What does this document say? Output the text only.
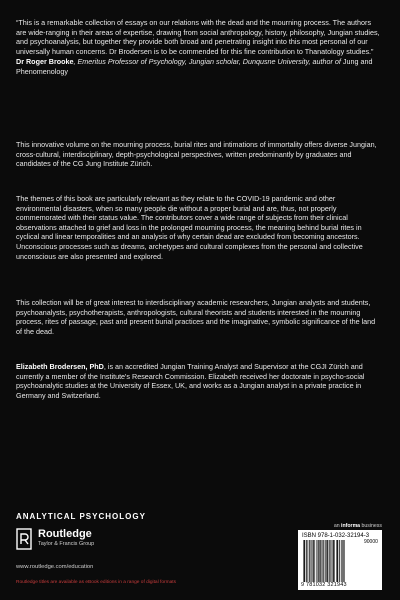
“This is a remarkable collection of essays on our relations with the dead and the mourning process. The authors are wide-ranging in their areas of expertise, drawing from social anthropology, history, philosophy, Jungian studies, and psychoanalysis, but together they provide both broad and penetrating insight into this most personal of our universally human concerns. Dr Brodersen is to be commended for this fine contribution to Thanatology studies.”
Dr Roger Brooke, Emeritus Professor of Psychology, Jungian scholar, Dunqusne University, author of Jung and Phenomenology
This innovative volume on the mourning process, burial rites and intimations of immortality offers diverse Jungian, cross-cultural, interdisciplinary, depth-psychological perspectives, written predominantly by graduates and candidates of the CG Jung Institute Zürich.
The themes of this book are particularly relevant as they relate to the COVID-19 pandemic and other environmental disasters, when so many people die without a proper burial and are, thus, not properly commemorated with their status value. The contributors cover a wide range of subjects from their clinical observations attached to grief and loss in the prolonged mourning process, the meaning behind burial rites in cyclical and linear temporalities and an analysis of why certain dead are excluded from becoming ancestors. Unconscious processes such as dreams, archetypes and cultural complexes from the personal and collective unconscious are also presented and explored.
This collection will be of great interest to interdisciplinary academic researchers, Jungian analysts and students, psychoanalysts, psychotherapists, anthropologists, cultural theorists and students interested in the mourning process, rites of passage, past and present burial practices and the imaginative, symbolic significance of the land of the dead.
Elizabeth Brodersen, PhD, is an accredited Jungian Training Analyst and Supervisor at the CGJI Zürich and currently a member of the Institute's Research Commission. Elizabeth received her doctorate in psycho-social psychoanalytic studies at the University of Essex, UK, and works as a Jungian analyst in a private practice in Germany and Switzerland.
ANALYTICAL PSYCHOLOGY
Routledge
Taylor & Francis Group
www.routledge.com/education
Routledge titles are available as eBook editions in a range of digital formats
an informa business
ISBN 978-1-032-32194-3
90000
9 781032 321943
